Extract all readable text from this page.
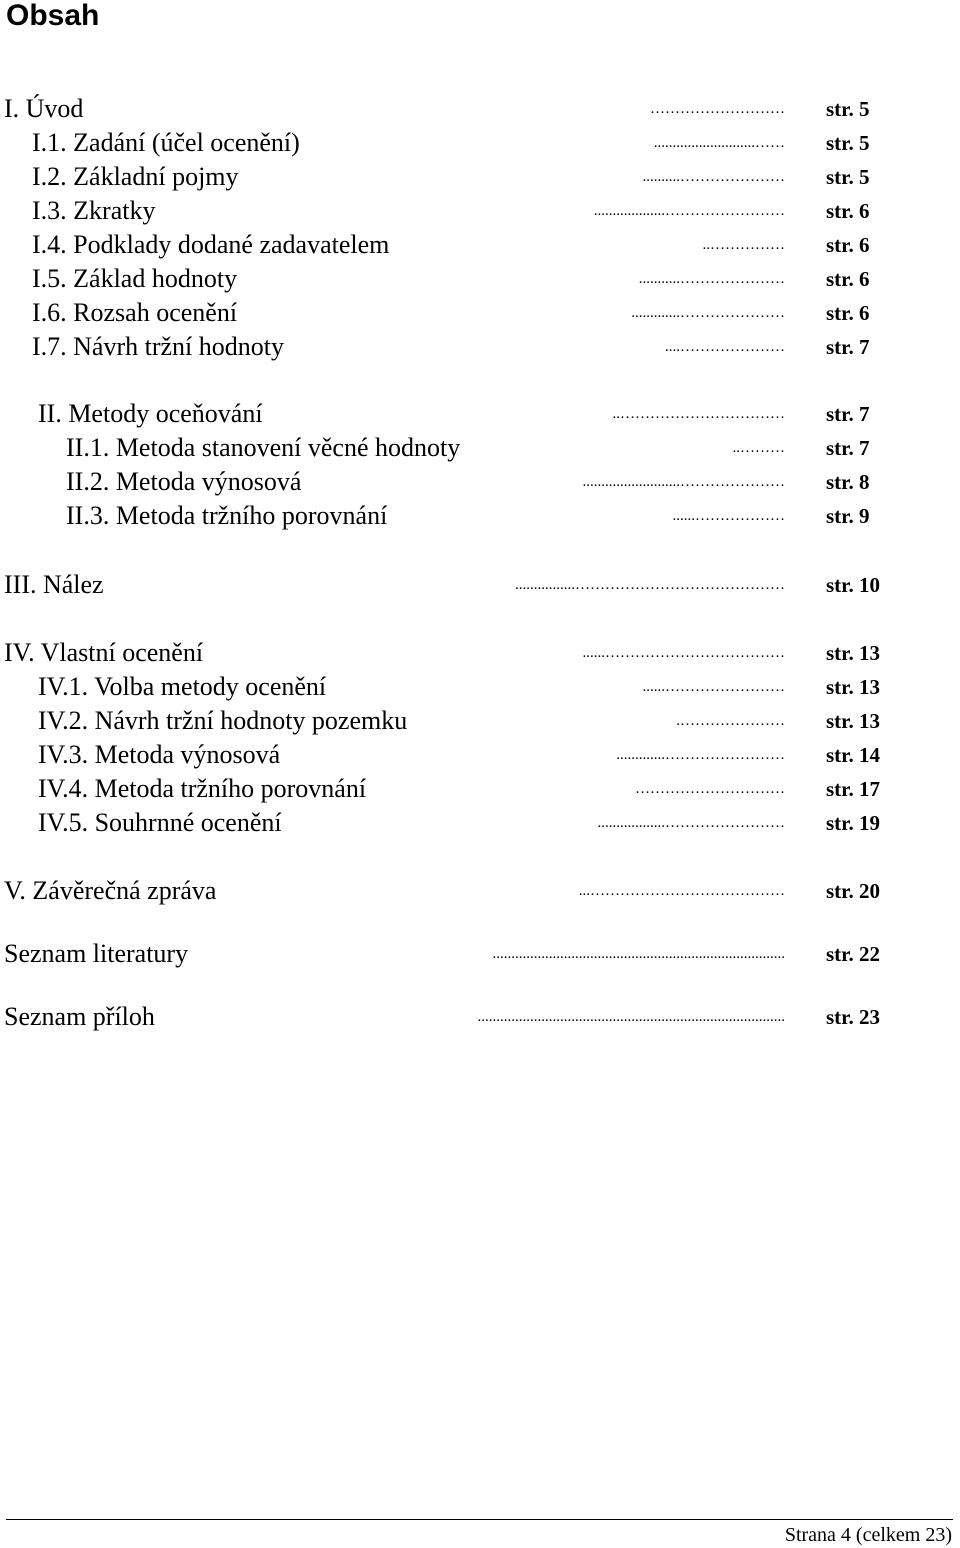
Obsah
I. Úvod	……………………… str. 5
I.1. Zadání (účel ocenění)	……........................... str. 5
I.2. Základní pojmy	………………….......... str. 5
I.3. Zkratky	……………………................... str. 6
I.4. Podklady dodané zadavatelem	…………….. str. 6
I.5. Základ hodnoty	…………………........... str. 6
I.6. Rozsah ocenění	…………………............. str. 6
I.7. Návrh tržní hodnoty	………………….... str. 7
II. Metody oceňování	…………………………….. str. 7
II.1. Metoda stanovení věcné hodnoty	……….. str. 7
II.2. Metoda výnosová	………………….......................... str. 8
II.3. Metoda tržního porovnání	………………...... str. 9
III. Nález	……………………………………................ str. 10
IV. Vlastní ocenění	………………………………...... str. 13
IV.1. Volba metody ocenění	……………………...... str. 13
IV.2. Návrh tržní hodnoty pozemku	…………………. str. 13
IV.3. Metoda výnosová	……………………............. str. 14
IV.4. Metoda tržního porovnání	………………………… str. 17
IV.5. Souhrnné ocenění	…………………….................. str. 19
V. Závěrečná zpráva	…………………………………... str. 20
Seznam literatury	.............................................................................. str. 22
Seznam příloh	.................................................................................. str. 23
Strana 4 (celkem 23)
